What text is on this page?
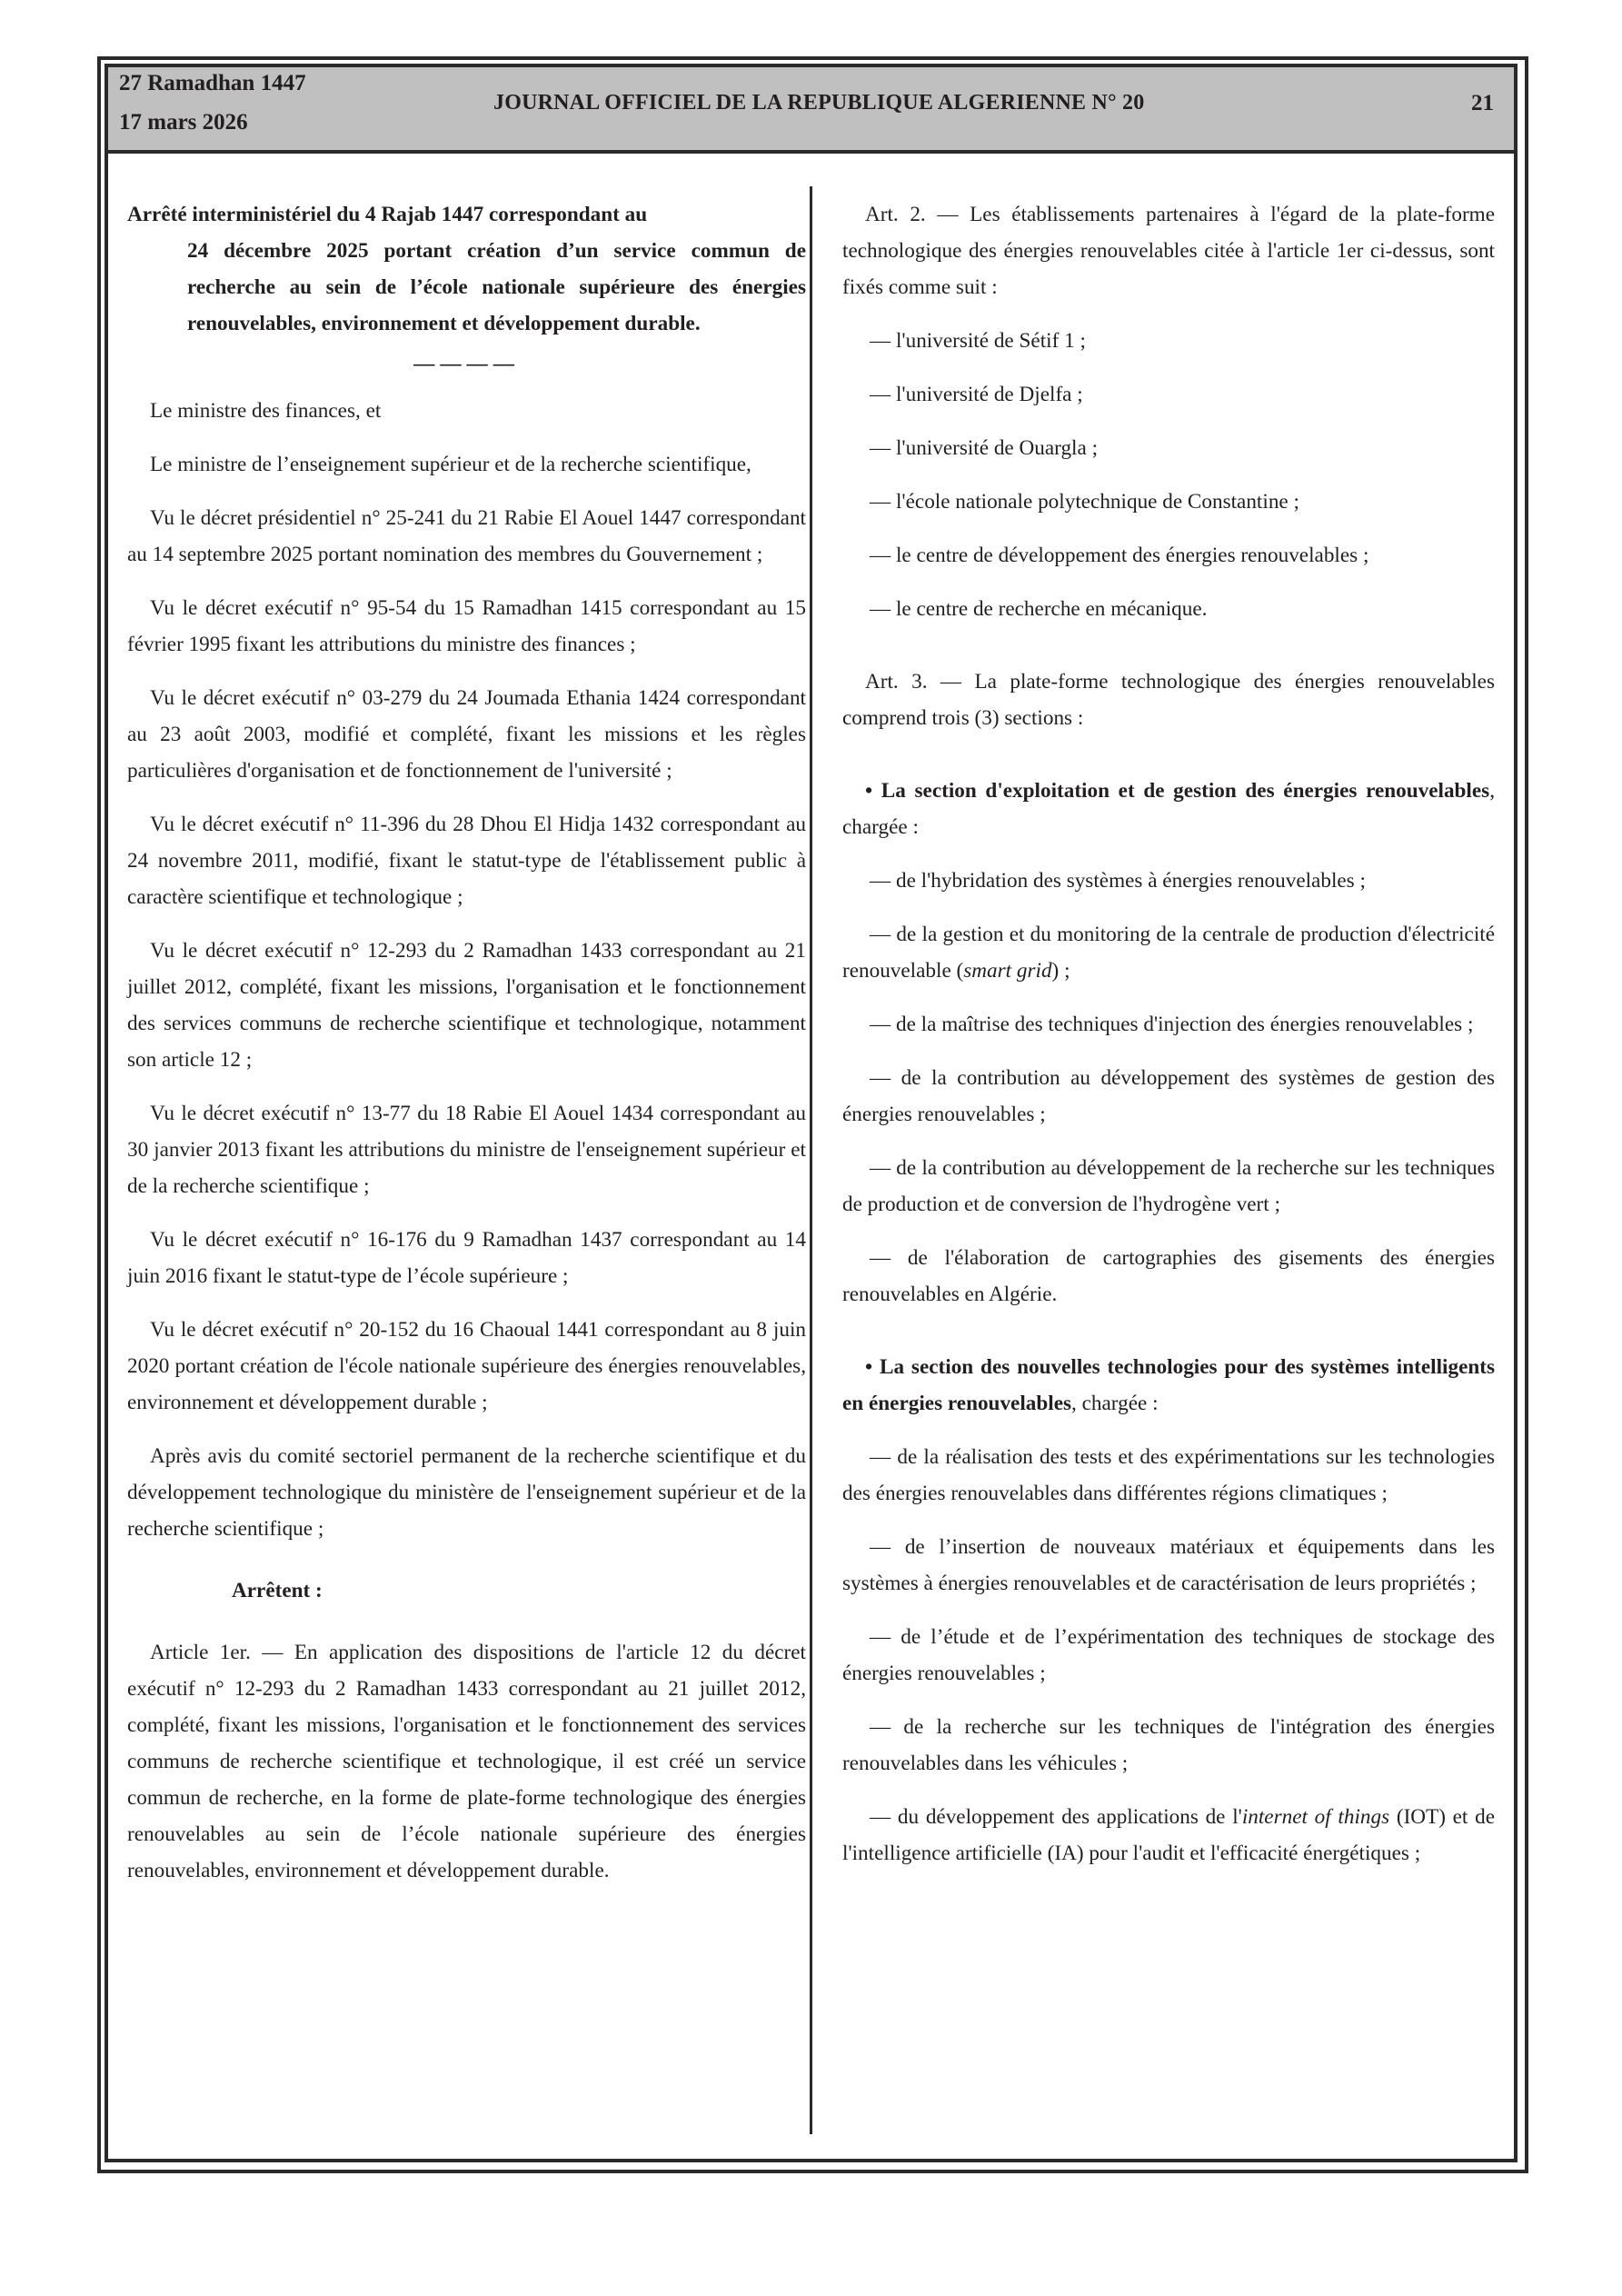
27 Ramadhan 1447
17 mars 2026
JOURNAL OFFICIEL DE LA REPUBLIQUE ALGERIENNE N° 20	21

Arrêté interministériel du 4 Rajab 1447 correspondant au
24 décembre 2025 portant création d’un service commun de recherche au sein de l’école nationale supérieure des énergies renouvelables, environnement et développement durable.

————

Le ministre des finances, et

Le ministre de l’enseignement supérieur et de la recherche scientifique,

Vu le décret présidentiel n° 25-241 du 21 Rabie El Aouel 1447 correspondant au 14 septembre 2025 portant nomination des membres du Gouvernement ;

Vu le décret exécutif n° 95-54 du 15 Ramadhan 1415 correspondant au 15 février 1995 fixant les attributions du ministre des finances ;

Vu le décret exécutif n° 03-279 du 24 Joumada Ethania 1424 correspondant au 23 août 2003, modifié et complété, fixant les missions et les règles particulières d'organisation et de fonctionnement de l'université ;

Vu le décret exécutif n° 11-396 du 28 Dhou El Hidja 1432 correspondant au 24 novembre 2011, modifié, fixant le statut-type de l'établissement public à caractère scientifique et technologique ;

Vu le décret exécutif n° 12-293 du 2 Ramadhan 1433 correspondant au 21 juillet 2012, complété, fixant les missions, l'organisation et le fonctionnement des services communs de recherche scientifique et technologique, notamment son article 12 ;

Vu le décret exécutif n° 13-77 du 18 Rabie El Aouel 1434 correspondant au 30 janvier 2013 fixant les attributions du ministre de l'enseignement supérieur et de la recherche scientifique ;

Vu le décret exécutif n° 16-176 du 9 Ramadhan 1437 correspondant au 14 juin 2016 fixant le statut-type de l’école supérieure ;

Vu le décret exécutif n° 20-152 du 16 Chaoual 1441 correspondant au 8 juin 2020 portant création de l'école nationale supérieure des énergies renouvelables, environnement et développement durable ;

Après avis du comité sectoriel permanent de la recherche scientifique et du développement technologique du ministère de l'enseignement supérieur et de la recherche scientifique ;

Arrêtent :

Article 1er. — En application des dispositions de l'article 12 du décret exécutif n° 12-293 du 2 Ramadhan 1433 correspondant au 21 juillet 2012, complété, fixant les missions, l'organisation et le fonctionnement des services communs de recherche scientifique et technologique, il est créé un service commun de recherche, en la forme de plate-forme technologique des énergies renouvelables au sein de l’école nationale supérieure des énergies renouvelables, environnement et développement durable.

Art. 2. — Les établissements partenaires à l'égard de la plate-forme technologique des énergies renouvelables citée à l'article 1er ci-dessus, sont fixés comme suit :

— l'université de Sétif 1 ;

— l'université de Djelfa ;

— l'université de Ouargla ;

— l'école nationale polytechnique de Constantine ;

— le centre de développement des énergies renouvelables ;

— le centre de recherche en mécanique.

Art. 3. — La plate-forme technologique des énergies renouvelables comprend trois (3) sections :

• La section d'exploitation et de gestion des énergies renouvelables, chargée :

— de l'hybridation des systèmes à énergies renouvelables ;

— de la gestion et du monitoring de la centrale de production d'électricité renouvelable (smart grid) ;

— de la maîtrise des techniques d'injection des énergies renouvelables ;

— de la contribution au développement des systèmes de gestion des énergies renouvelables ;

— de la contribution au développement de la recherche sur les techniques de production et de conversion de l'hydrogène vert ;

— de l'élaboration de cartographies des gisements des énergies renouvelables en Algérie.

• La section des nouvelles technologies pour des systèmes intelligents en énergies renouvelables, chargée :

— de la réalisation des tests et des expérimentations sur les technologies des énergies renouvelables dans différentes régions climatiques ;

— de l’insertion de nouveaux matériaux et équipements dans les systèmes à énergies renouvelables et de caractérisation de leurs propriétés ;

— de l’étude et de l’expérimentation des techniques de stockage des énergies renouvelables ;

— de la recherche sur les techniques de l'intégration des énergies renouvelables dans les véhicules ;

— du développement des applications de l'internet of things (IOT) et de l'intelligence artificielle (IA) pour l'audit et l'efficacité énergétiques ;
